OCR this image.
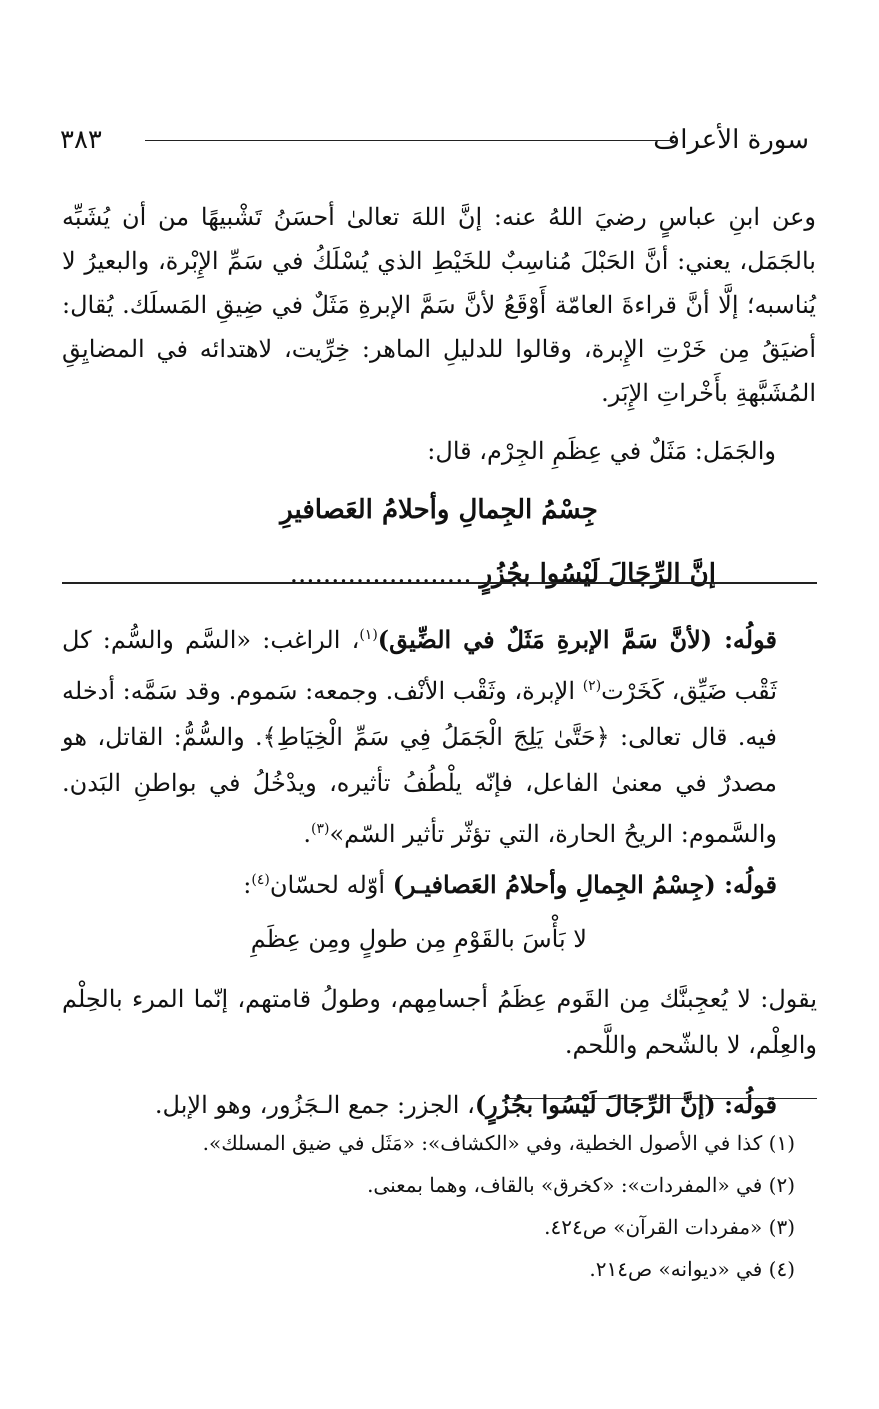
سورة الأعراف
٣٨٣

وعن ابنِ عباسٍ رضيَ اللهُ عنه: إنَّ اللهَ تعالىٰ أحسَنُ تَشْبيهًا من أن يُشَبِّه بالجَمَل، يعني: أنَّ الحَبْلَ مُناسِبٌ للخَيْطِ الذي يُسْلَكُ في سَمِّ الإِبْرة، والبعيرُ لا يُناسبه؛ إلَّا أنَّ قراءةَ العامّة أَوْقَعُ لأنَّ سَمَّ الإبرةِ مَثَلٌ في ضِيقِ المَسلَك. يُقال: أضيَقُ مِن خَرْتِ الإِبرة، وقالوا للدليلِ الماهر: خِرِّيت، لاهتدائه في المضايِقِ المُشَبَّهةِ بأَخْراتِ الإِبَر.

والجَمَل: مَثَلٌ في عِظَمِ الجِرْم، قال:

جِسْمُ الجِمالِ وأحلامُ العَصافيرِ
إنَّ الرِّجَالَ لَيْسُوا بجُزُرٍ......................

قولُه: (لأنَّ سَمَّ الإبرةِ مَثَلٌ في الضِّيق)$^{(١)}$، الراغب: «السَّم والسُّم: كل ثَقْب ضَيِّق، كَخَرْت$^{(٢)}$ الإبرة، وثَقْب الأنْف. وجمعه: سَموم. وقد سَمَّه: أدخله فيه. قال تعالى: ﴿حَتَّىٰ يَلِجَ الْجَمَلُ فِي سَمِّ الْخِيَاطِ﴾. والسُّمُّ: القاتل، هو مصدرٌ في معنىٰ الفاعل، فإنّه يلْطُفُ تأثيره، ويدْخُلُ في بواطنِ البَدن. والسَّموم: الريحُ الحارة، التي تؤثّر تأثير السّم»$^{(٣)}$.

قولُه: (جِسْمُ الجِمالِ وأحلامُ العَصافيـر) أوّله لحسّان$^{(٤)}$:

لا بَأْسَ بالقَوْمِ مِن طولٍ ومِن عِظَمِ

يقول: لا يُعجِبنَّك مِن القَوم عِظَمُ أجسامِهم، وطولُ قامتهم، إنّما المرء بالحِلْم والعِلْم، لا بالشّحم واللَّحم.

قولُه: (إنَّ الرِّجَالَ لَيْسُوا بجُزُرٍ)، الجزر: جمع الـجَزُور، وهو الإبل.

(١) كذا في الأصول الخطية، وفي «الكشاف»: «مَثَل في ضيق المسلك».

(٢) في «المفردات»: «كخرق» بالقاف، وهما بمعنى.

(٣) «مفردات القرآن» ص٤٢٤.

(٤) في «ديوانه» ص٢١٤.
